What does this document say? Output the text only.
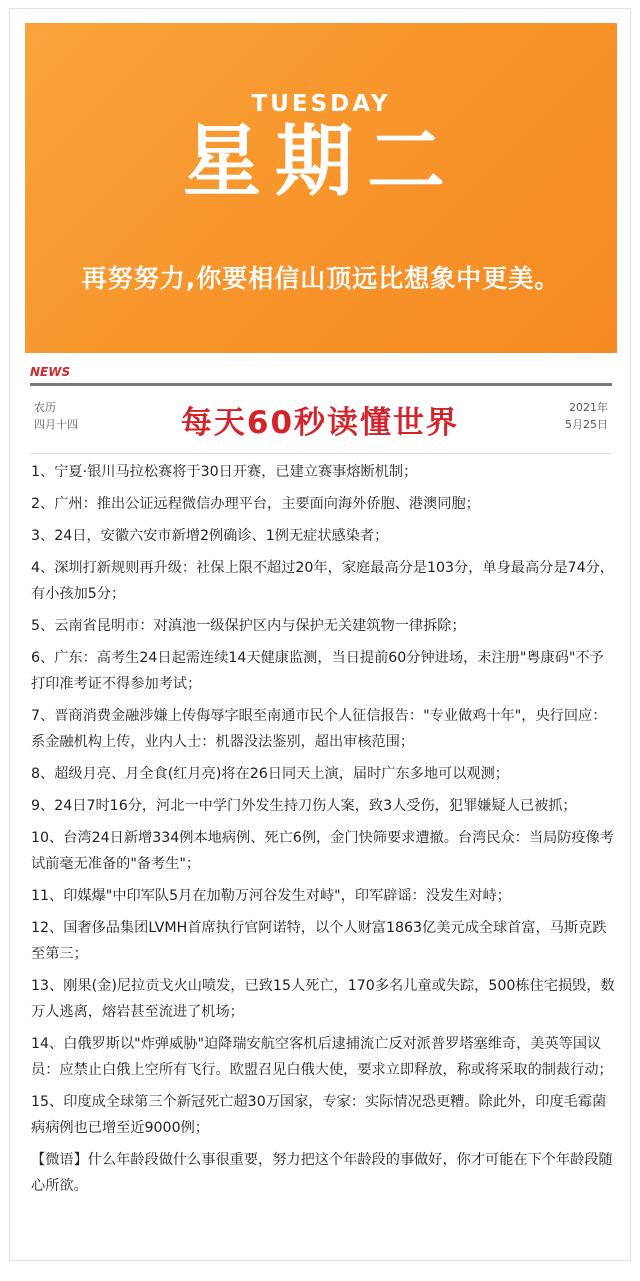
TUESDAY
星期二
再努努力,你要相信山顶远比想象中更美。
NEWS
农历
四月十四	每天60秒读懂世界	2021年
5月25日
1、宁夏·银川马拉松赛将于30日开赛，已建立赛事熔断机制；
2、广州：推出公证远程微信办理平台，主要面向海外侨胞、港澳同胞；
3、24日，安徽六安市新增2例确诊、1例无症状感染者；
4、深圳打新规则再升级：社保上限不超过20年，家庭最高分是103分，单身最高分是74分，有小孩加5分；
5、云南省昆明市：对滇池一级保护区内与保护无关建筑物一律拆除；
6、广东：高考生24日起需连续14天健康监测，当日提前60分钟进场，未注册"粤康码"不予打印准考证不得参加考试；
7、晋商消费金融涉嫌上传侮辱字眼至南通市民个人征信报告："专业做鸡十年"，央行回应：系金融机构上传，业内人士：机器没法鉴别，超出审核范围；
8、超级月亮、月全食(红月亮)将在26日同天上演，届时广东多地可以观测；
9、24日7时16分，河北一中学门外发生持刀伤人案，致3人受伤，犯罪嫌疑人已被抓；
10、台湾24日新增334例本地病例、死亡6例，金门快筛要求遭撤。台湾民众：当局防疫像考试前毫无准备的"备考生"；
11、印媒爆"中印军队5月在加勒万河谷发生对峙"，印军辟谣：没发生对峙；
12、国奢侈品集团LVMH首席执行官阿诺特，以个人财富1863亿美元成全球首富，马斯克跌至第三；
13、刚果(金)尼拉贡戈火山喷发，已致15人死亡，170多名儿童或失踪，500栋住宅损毁，数万人逃离，熔岩甚至流进了机场；
14、白俄罗斯以"炸弹威胁"迫降瑞安航空客机后逮捕流亡反对派普罗塔塞维奇，美英等国议员：应禁止白俄上空所有飞行。欧盟召见白俄大使，要求立即释放，称或将采取的制裁行动；
15、印度成全球第三个新冠死亡超30万国家，专家：实际情况恐更糟。除此外，印度毛霉菌病病例也已增至近9000例；
【微语】什么年龄段做什么事很重要，努力把这个年龄段的事做好，你才可能在下个年龄段随心所欲。
